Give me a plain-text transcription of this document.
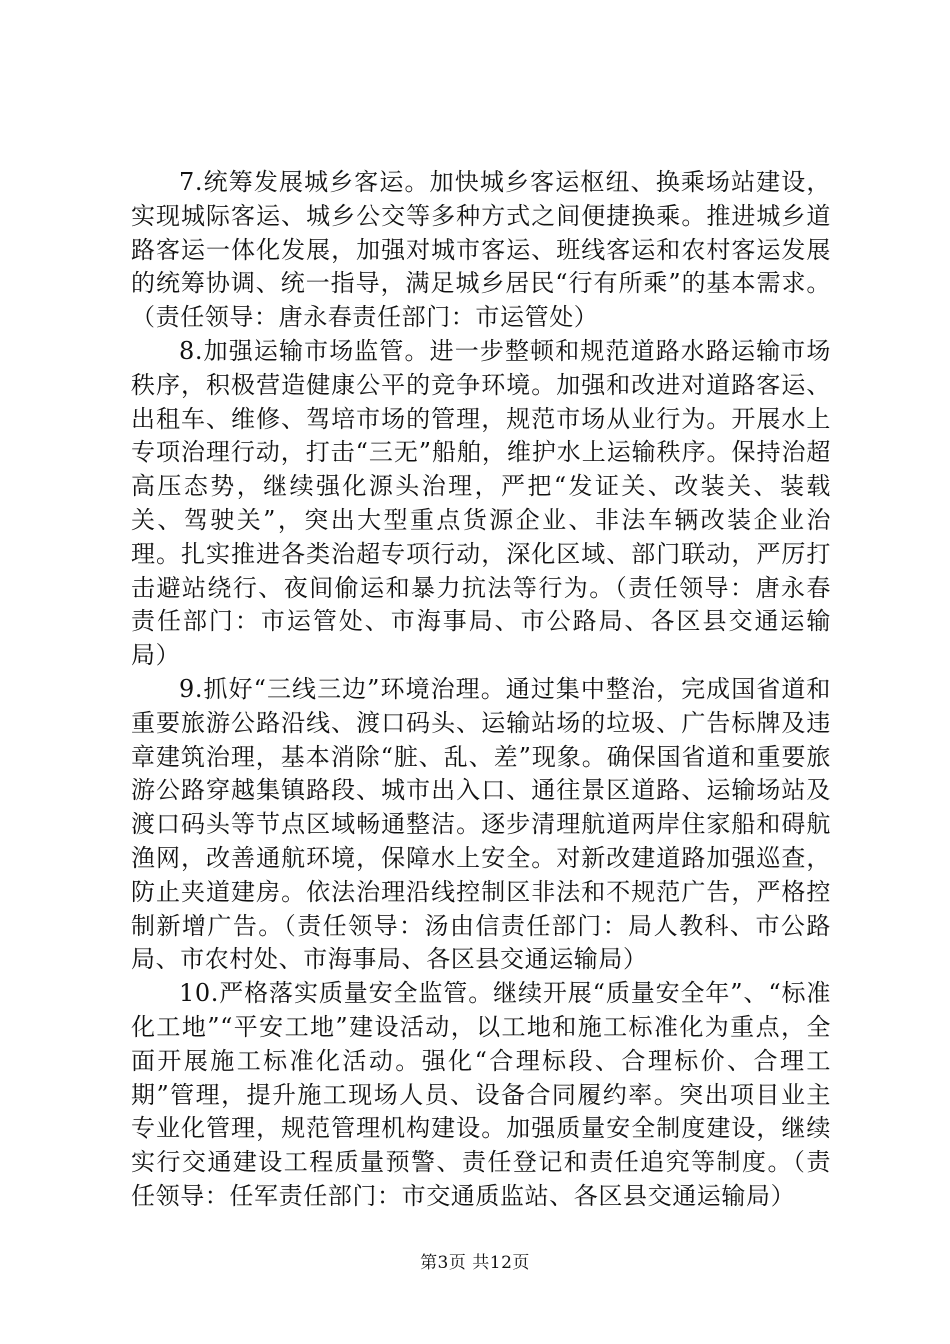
7.统筹发展城乡客运。加快城乡客运枢纽、换乘场站建设，实现城际客运、城乡公交等多种方式之间便捷换乘。推进城乡道路客运一体化发展，加强对城市客运、班线客运和农村客运发展的统筹协调、统一指导，满足城乡居民“行有所乘”的基本需求。（责任领导：唐永春责任部门：市运管处）

8.加强运输市场监管。进一步整顿和规范道路水路运输市场秩序，积极营造健康公平的竞争环境。加强和改进对道路客运、出租车、维修、驾培市场的管理，规范市场从业行为。开展水上专项治理行动，打击“三无”船舶，维护水上运输秩序。保持治超高压态势，继续强化源头治理，严把“发证关、改装关、装载关、驾驶关”，突出大型重点货源企业、非法车辆改装企业治理。扎实推进各类治超专项行动，深化区域、部门联动，严厉打击避站绕行、夜间偷运和暴力抗法等行为。（责任领导：唐永春责任部门：市运管处、市海事局、市公路局、各区县交通运输局）

9.抓好“三线三边”环境治理。通过集中整治，完成国省道和重要旅游公路沿线、渡口码头、运输站场的垃圾、广告标牌及违章建筑治理，基本消除“脏、乱、差”现象。确保国省道和重要旅游公路穿越集镇路段、城市出入口、通往景区道路、运输场站及渡口码头等节点区域畅通整洁。逐步清理航道两岸住家船和碍航渔网，改善通航环境，保障水上安全。对新改建道路加强巡查，防止夹道建房。依法治理沿线控制区非法和不规范广告，严格控制新增广告。（责任领导：汤由信责任部门：局人教科、市公路局、市农村处、市海事局、各区县交通运输局）

10.严格落实质量安全监管。继续开展“质量安全年”、“标准化工地”“平安工地”建设活动，以工地和施工标准化为重点，全面开展施工标准化活动。强化“合理标段、合理标价、合理工期”管理，提升施工现场人员、设备合同履约率。突出项目业主专业化管理，规范管理机构建设。加强质量安全制度建设，继续实行交通建设工程质量预警、责任登记和责任追究等制度。（责任领导：任军责任部门：市交通质监站、各区县交通运输局）

第3页 共12页
